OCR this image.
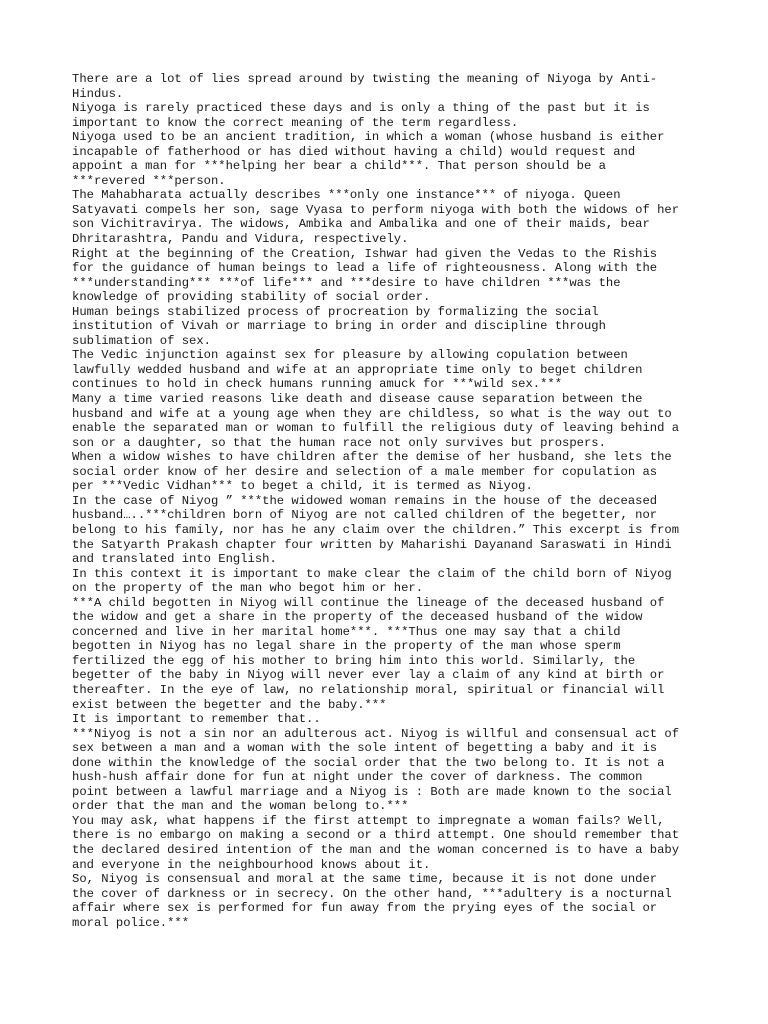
There are a lot of lies spread around by twisting the meaning of Niyoga by Anti-
Hindus.

Niyoga is rarely practiced these days and is only a thing of the past but it is
important to know the correct meaning of the term regardless.

Niyoga used to be an ancient tradition, in which a woman (whose husband is either
incapable of fatherhood or has died without having a child) would request and
appoint a man for ***helping her bear a child***. That person should be a
***revered ***person.

The Mahabharata actually describes ***only one instance*** of niyoga. Queen
Satyavati compels her son, sage Vyasa to perform niyoga with both the widows of her
son Vichitravirya. The widows, Ambika and Ambalika and one of their maids, bear
Dhritarashtra, Pandu and Vidura, respectively.

Right at the beginning of the Creation, Ishwar had given the Vedas to the Rishis
for the guidance of human beings to lead a life of righteousness. Along with the
***understanding*** ***of life*** and ***desire to have children ***was the
knowledge of providing stability of social order.

Human beings stabilized process of procreation by formalizing the social
institution of Vivah or marriage to bring in order and discipline through
sublimation of sex.

The Vedic injunction against sex for pleasure by allowing copulation between
lawfully wedded husband and wife at an appropriate time only to beget children
continues to hold in check humans running amuck for ***wild sex.***

Many a time varied reasons like death and disease cause separation between the
husband and wife at a young age when they are childless, so what is the way out to
enable the separated man or woman to fulfill the religious duty of leaving behind a
son or a daughter, so that the human race not only survives but prospers.

When a widow wishes to have children after the demise of her husband, she lets the
social order know of her desire and selection of a male member for copulation as
per ***Vedic Vidhan*** to beget a child, it is termed as Niyog.

In the case of Niyog ” ***the widowed woman remains in the house of the deceased
husband…..***children born of Niyog are not called children of the begetter, nor
belong to his family, nor has he any claim over the children.” This excerpt is from
the Satyarth Prakash chapter four written by Maharishi Dayanand Saraswati in Hindi
and translated into English.

In this context it is important to make clear the claim of the child born of Niyog
on the property of the man who begot him or her.

***A child begotten in Niyog will continue the lineage of the deceased husband of
the widow and get a share in the property of the deceased husband of the widow
concerned and live in her marital home***. ***Thus one may say that a child
begotten in Niyog has no legal share in the property of the man whose sperm
fertilized the egg of his mother to bring him into this world. Similarly, the
begetter of the baby in Niyog will never ever lay a claim of any kind at birth or
thereafter. In the eye of law, no relationship moral, spiritual or financial will
exist between the begetter and the baby.***

It is important to remember that..

***Niyog is not a sin nor an adulterous act. Niyog is willful and consensual act of
sex between a man and a woman with the sole intent of begetting a baby and it is
done within the knowledge of the social order that the two belong to. It is not a
hush-hush affair done for fun at night under the cover of darkness. The common
point between a lawful marriage and a Niyog is : Both are made known to the social
order that the man and the woman belong to.***

You may ask, what happens if the first attempt to impregnate a woman fails? Well,
there is no embargo on making a second or a third attempt. One should remember that
the declared desired intention of the man and the woman concerned is to have a baby
and everyone in the neighbourhood knows about it.

So, Niyog is consensual and moral at the same time, because it is not done under
the cover of darkness or in secrecy. On the other hand, ***adultery is a nocturnal
affair where sex is performed for fun away from the prying eyes of the social or
moral police.***
